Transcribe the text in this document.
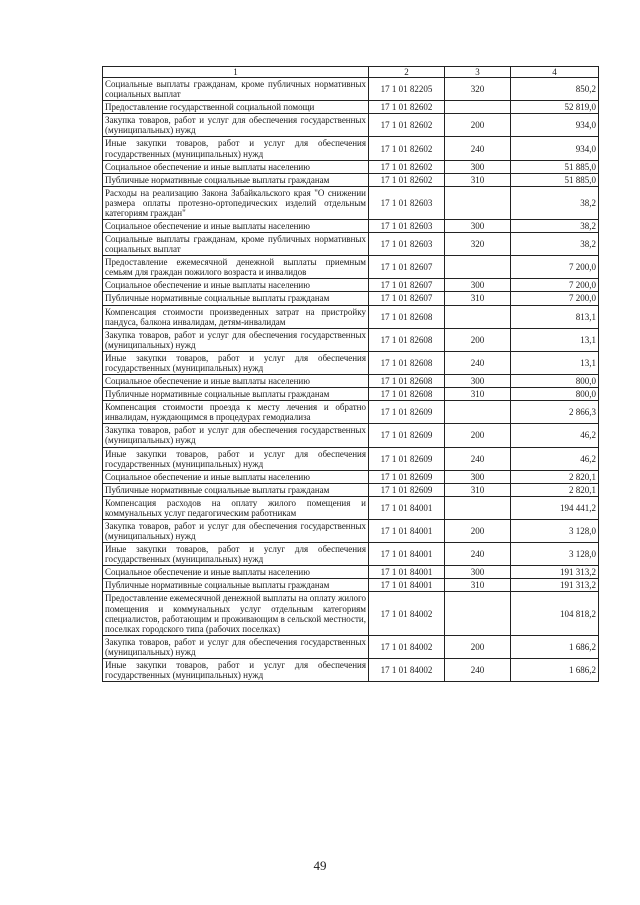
1	2	3	4
Социальные выплаты гражданам, кроме публичных нормативных социальных выплат	17 1 01 82205	320	850,2
Предоставление государственной социальной помощи	17 1 01 82602		52 819,0
Закупка товаров, работ и услуг для обеспечения государственных (муниципальных) нужд	17 1 01 82602	200	934,0
Иные закупки товаров, работ и услуг для обеспечения государственных (муниципальных) нужд	17 1 01 82602	240	934,0
Социальное обеспечение и иные выплаты населению	17 1 01 82602	300	51 885,0
Публичные нормативные социальные выплаты гражданам	17 1 01 82602	310	51 885,0
Расходы на реализацию Закона Забайкальского края "О снижении размера оплаты протезно-ортопедических изделий отдельным категориям граждан"	17 1 01 82603		38,2
Социальное обеспечение и иные выплаты населению	17 1 01 82603	300	38,2
Социальные выплаты гражданам, кроме публичных нормативных социальных выплат	17 1 01 82603	320	38,2
Предоставление ежемесячной денежной выплаты приемным семьям для граждан пожилого возраста и инвалидов	17 1 01 82607		7 200,0
Социальное обеспечение и иные выплаты населению	17 1 01 82607	300	7 200,0
Публичные нормативные социальные выплаты гражданам	17 1 01 82607	310	7 200,0
Компенсация стоимости произведенных затрат на пристройку пандуса, балкона инвалидам, детям-инвалидам	17 1 01 82608		813,1
Закупка товаров, работ и услуг для обеспечения государственных (муниципальных) нужд	17 1 01 82608	200	13,1
Иные закупки товаров, работ и услуг для обеспечения государственных (муниципальных) нужд	17 1 01 82608	240	13,1
Социальное обеспечение и иные выплаты населению	17 1 01 82608	300	800,0
Публичные нормативные социальные выплаты гражданам	17 1 01 82608	310	800,0
Компенсация стоимости проезда к месту лечения и обратно инвалидам, нуждающимся в процедурах гемодиализа	17 1 01 82609		2 866,3
Закупка товаров, работ и услуг для обеспечения государственных (муниципальных) нужд	17 1 01 82609	200	46,2
Иные закупки товаров, работ и услуг для обеспечения государственных (муниципальных) нужд	17 1 01 82609	240	46,2
Социальное обеспечение и иные выплаты населению	17 1 01 82609	300	2 820,1
Публичные нормативные социальные выплаты гражданам	17 1 01 82609	310	2 820,1
Компенсация расходов на оплату жилого помещения и коммунальных услуг педагогическим работникам	17 1 01 84001		194 441,2
Закупка товаров, работ и услуг для обеспечения государственных (муниципальных) нужд	17 1 01 84001	200	3 128,0
Иные закупки товаров, работ и услуг для обеспечения государственных (муниципальных) нужд	17 1 01 84001	240	3 128,0
Социальное обеспечение и иные выплаты населению	17 1 01 84001	300	191 313,2
Публичные нормативные социальные выплаты гражданам	17 1 01 84001	310	191 313,2
Предоставление ежемесячной денежной выплаты на оплату жилого помещения и коммунальных услуг отдельным категориям специалистов, работающим и проживающим в сельской местности, поселках городского типа (рабочих поселках)	17 1 01 84002		104 818,2
Закупка товаров, работ и услуг для обеспечения государственных (муниципальных) нужд	17 1 01 84002	200	1 686,2
Иные закупки товаров, работ и услуг для обеспечения государственных (муниципальных) нужд	17 1 01 84002	240	1 686,2
49
